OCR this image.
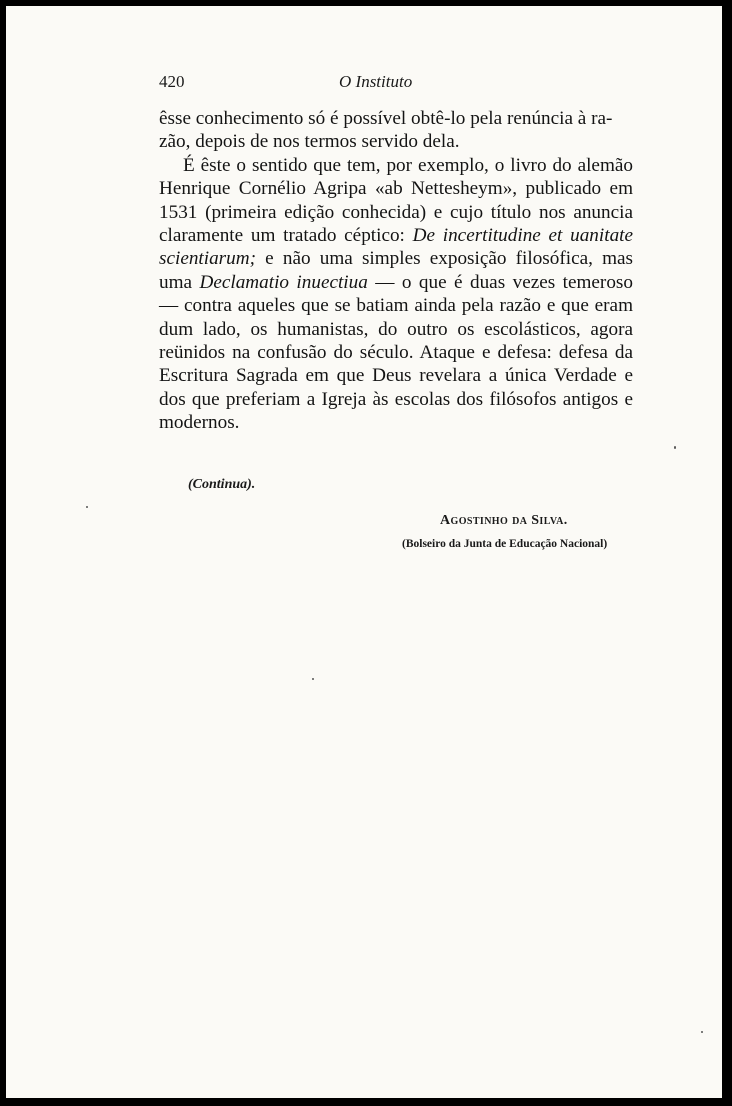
420	O Instituto

êsse conhecimento só é possível obtê-lo pela renúncia à ra-
zão, depois de nos termos servido dela.

É êste o sentido que tem, por exemplo, o livro do alemão Henrique Cornélio Agripa «ab Nettesheym», publicado em 1531 (primeira edição conhecida) e cujo título nos anuncia claramente um tratado céptico: De incertitudine et uanitate scientiarum; e não uma simples exposição filosófica, mas uma Declamatio inuectiua — o que é duas vezes temeroso — contra aqueles que se batiam ainda pela razão e que eram dum lado, os humanistas, do outro os escolásticos, agora reünidos na confusão do século. Ataque e defesa: defesa da Escritura Sagrada em que Deus revelara a única Verdade e dos que preferiam a Igreja às escolas dos filósofos antigos e modernos.

(Continua).
Agostinho da Silva.
(Bolseiro da Junta de Educação Nacional)
